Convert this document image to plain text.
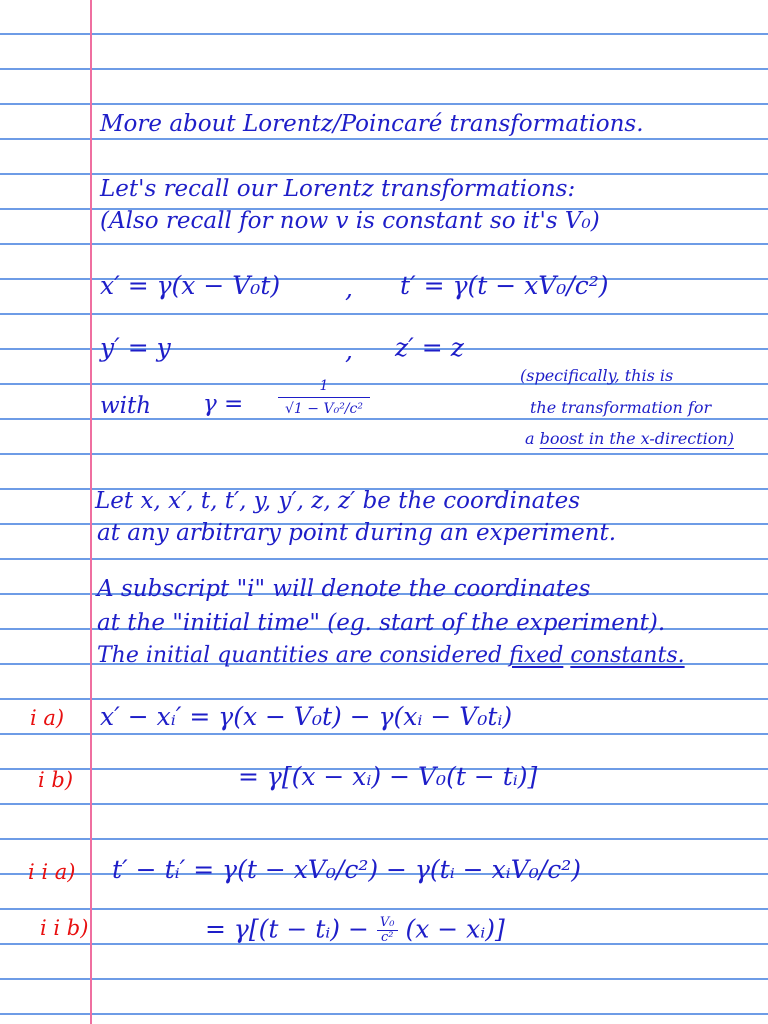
More about Lorentz/Poincaré transformations.
Let's recall our Lorentz transformations:
(Also recall for now v is constant so it's V₀)
x′ = γ(x − V₀t)	, t′ = γ(t − xV₀/c²)
y′ = y	, z′ = z
with $\gamma = \frac{1}{\text{√1 − V₀²/c²}}$
(specifically, this is
the transformation for
a boost in the x-direction)
Let x, x′, t, t′, y, y′, z, z′ be the coordinates
at any arbitrary point during an experiment.
A subscript "i" will denote the coordinates
at the "initial time" (eg. start of the experiment).
The initial quantities are considered fixed constants.
i a) x′ − xᵢ′ = γ(x − V₀t) − γ(xᵢ − V₀tᵢ)
i b)	= γ[(x − xᵢ) − V₀(t − tᵢ)]
i i a) t′ − tᵢ′ = γ(t − xV₀/c²) − γ(tᵢ − xᵢV₀/c²)
i i b)	= γ[(t − tᵢ) − $\frac{\text{V₀}}{\text{c²}} (x$ − xᵢ)]
